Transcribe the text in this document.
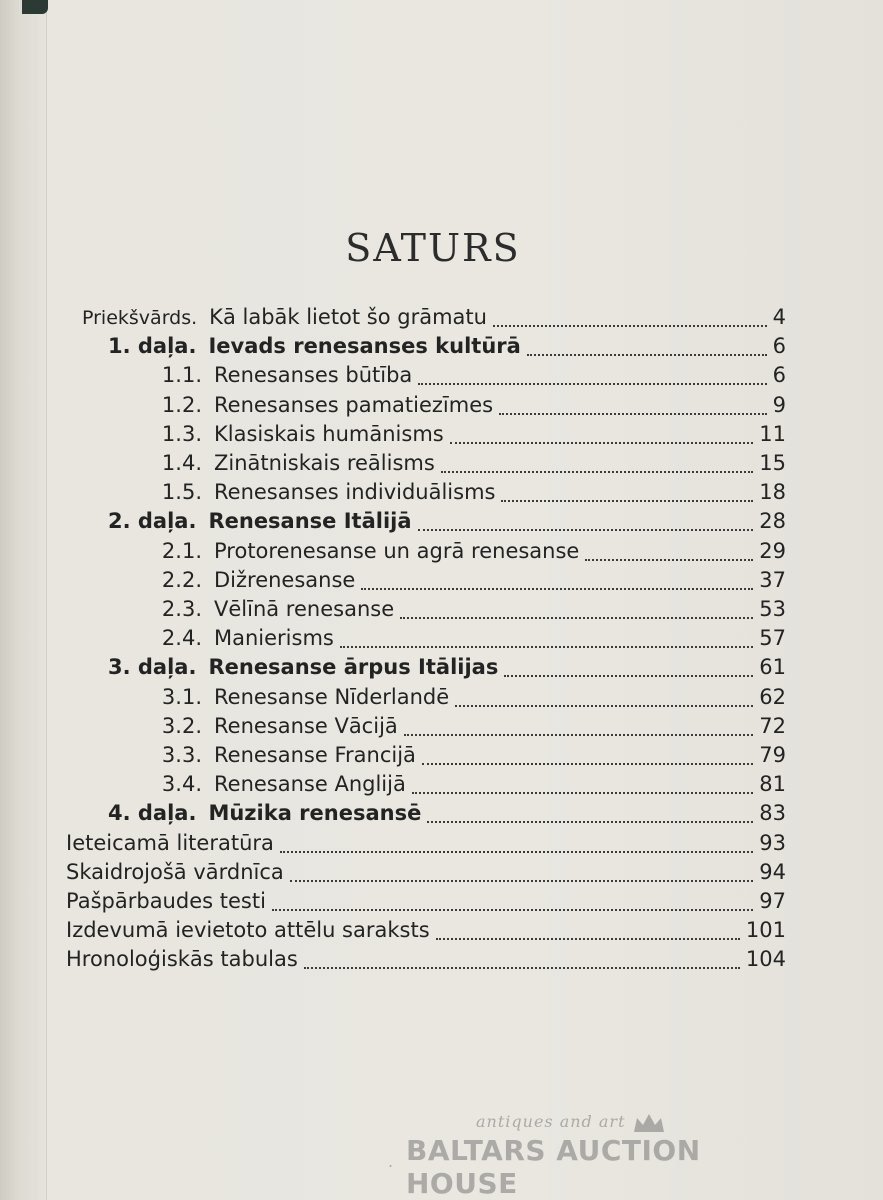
SATURS
Priekšvārds. Kā labāk lietot šo grāmatu	4
1. daļa. Ievads renesanses kultūrā	6
1.1. Renesanses būtība	6
1.2. Renesanses pamatiezīmes	9
1.3. Klasiskais humānisms	11
1.4. Zinātniskais reālisms	15
1.5. Renesanses individuālisms	18
2. daļa. Renesanse Itālijā	28
2.1. Protorenesanse un agrā renesanse	29
2.2. Dižrenesanse	37
2.3. Vēlīnā renesanse	53
2.4. Manierisms	57
3. daļa. Renesanse ārpus Itālijas	61
3.1. Renesanse Nīderlandē	62
3.2. Renesanse Vācijā	72
3.3. Renesanse Francijā	79
3.4. Renesanse Anglijā	81
4. daļa. Mūzika renesansē	83
Ieteicamā literatūra	93
Skaidrojošā vārdnīca	94
Pašpārbaudes testi	97
Izdevumā ievietoto attēlu saraksts	101
Hronoloģiskās tabulas	104
.
antiques and art
BALTARS AUCTION HOUSE
